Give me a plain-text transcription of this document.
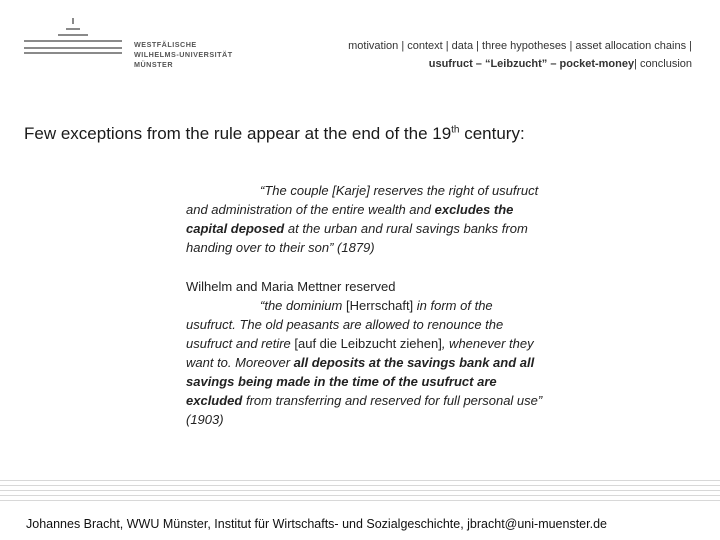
WESTFÄLISCHE
WILHELMS-UNIVERSITÄT
MÜNSTER
motivation | context | data | three hypotheses | asset allocation chains |
usufruct – “Leibzucht” – pocket-money| conclusion
Few exceptions from the rule appear at the end of the 19th century:
“The couple [Karje] reserves the right of usufruct and administration of the entire wealth and excludes the capital deposed at the urban and rural savings banks from handing over to their son” (1879)
Wilhelm and Maria Mettner reserved
“the dominium [Herrschaft] in form of the usufruct. The old peasants are allowed to renounce the usufruct and retire [auf die Leibzucht ziehen], whenever they want to. Moreover all deposits at the savings bank and all savings being made in the time of the usufruct are excluded from transferring and reserved for full personal use” (1903)
Johannes Bracht, WWU Münster, Institut für Wirtschafts- und Sozialgeschichte, jbracht@uni-muenster.de
